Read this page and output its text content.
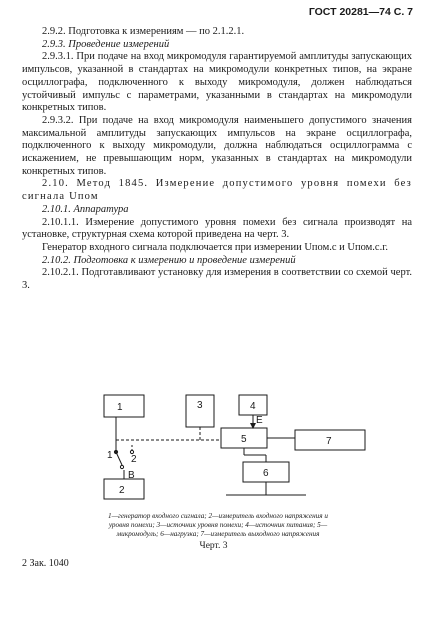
ГОСТ 20281—74 С. 7

2.9.2. Подготовка к измерениям — по 2.1.2.1.

2.9.3. Проведение измерений

2.9.3.1. При подаче на вход микромодуля гарантируемой амплитуды запускающих импульсов, указанной в стандартах на микромодули конкретных типов, на экране осциллографа, подключенного к выходу микромодуля, должен наблюдаться устойчивый импульс с параметрами, указанными в стандартах на микромодули конкретных типов.

2.9.3.2. При подаче на вход микромодуля наименьшего допустимого значения максимальной амплитуды запускающих импульсов на экране осциллографа, подключенного к выходу микромодули, должна наблюдаться осциллограмма с искажением, не превышающим норм, указанных в стандартах на микромодули конкретных типов.

2.10. Метод 1845. Измерение допустимого уровня помехи без сигнала Uпом

2.10.1. Аппаратура

2.10.1.1. Измерение допустимого уровня помехи без сигнала производят на установке, структурная схема которой приведена на черт. 3.

Генератор входного сигнала подключается при измерении Uпом.с и Uпом.с.г.

2.10.2. Подготовка к измерению и проведение измерений

2.10.2.1. Подготавливают установку для измерения в соответствии со схемой черт. 3.

1
2
3	4
5
6
7
1 2
В
Е
1—генератор входного сигнала; 2—измеритель входного напряжения и уровня помехи; 3—источник уровня помехи; 4—источник питания; 5—микромодуль; 6—нагрузка; 7—измеритель выходного напряжения
Черт. 3
2 Зак. 1040
